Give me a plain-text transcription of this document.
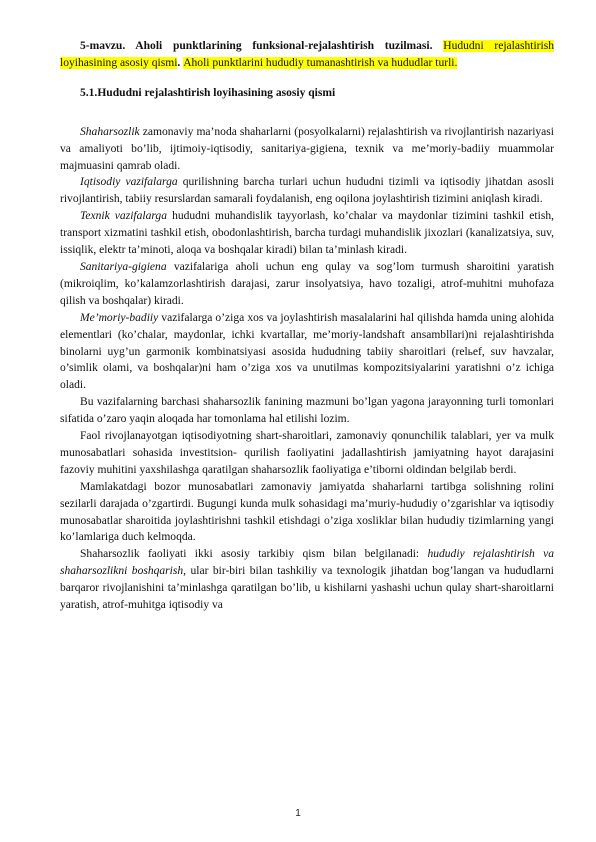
5-mavzu. Aholi punktlarining funksional-rejalashtirish tuzilmasi. Hududni rejalashtirish loyihasining asosiy qismi. Aholi punktlarini hududiy tumanashtirish va hududlar turli.

5.1.Hududni rejalashtirish loyihasining asosiy qismi

Shaharsozlik zamonaviy ma’noda shaharlarni (posyolkalarni) rejalashtirish va rivojlantirish nazariyasi va amaliyoti bo’lib, ijtimoiy-iqtisodiy, sanitariya-gigiena, texnik va me’moriy-badiiy muammolar majmuasini qamrab oladi.

Iqtisodiy vazifalarga qurilishning barcha turlari uchun hududni tizimli va iqtisodiy jihatdan asosli rivojlantirish, tabiiy resurslardan samarali foydalanish, eng oqilona joylashtirish tizimini aniqlash kiradi.

Texnik vazifalarga hududni muhandislik tayyorlash, ko’chalar va maydonlar tizimini tashkil etish, transport xizmatini tashkil etish, obodonlashtirish, barcha turdagi muhandislik jixozlari (kanalizatsiya, suv, issiqlik, elektr ta’minoti, aloqa va boshqalar kiradi) bilan ta’minlash kiradi.

Sanitariya-gigiena vazifalariga aholi uchun eng qulay va sog’lom turmush sharoitini yaratish (mikroiqlim, ko’kalamzorlashtirish darajasi, zarur insolyatsiya, havo tozaligi, atrof-muhitni muhofaza qilish va boshqalar) kiradi.

Me’moriy-badiiy vazifalarga o’ziga xos va joylashtirish masalalarini hal qilishda hamda uning alohida elementlari (ko’chalar, maydonlar, ichki kvartallar, me’moriy-landshaft ansambllari)ni rejalashtirishda binolarni uyg’un garmonik kombinatsiyasi asosida hududning tabiiy sharoitlari (relьef, suv havzalar, o’simlik olami, va boshqalar)ni ham o’ziga xos va unutilmas kompozitsiyalarini yaratishni o’z ichiga oladi.

Bu vazifalarning barchasi shaharsozlik fanining mazmuni bo’lgan yagona jarayonning turli tomonlari sifatida o’zaro yaqin aloqada har tomonlama hal etilishi lozim.

Faol rivojlanayotgan iqtisodiyotning shart-sharoitlari, zamonaviy qonunchilik talablari, yer va mulk munosabatlari sohasida investitsion- qurilish faoliyatini jadallashtirish jamiyatning hayot darajasini fazoviy muhitini yaxshilashga qaratilgan shaharsozlik faoliyatiga e’tiborni oldindan belgilab berdi.

Mamlakatdagi bozor munosabatlari zamonaviy jamiyatda shaharlarni tartibga solishning rolini sezilarli darajada o’zgartirdi. Bugungi kunda mulk sohasidagi ma’muriy-hududiy o’zgarishlar va iqtisodiy munosabatlar sharoitida joylashtirishni tashkil etishdagi o’ziga xosliklar bilan hududiy tizimlarning yangi ko’lamlariga duch kelmoqda.

Shaharsozlik faoliyati ikki asosiy tarkibiy qism bilan belgilanadi: hududiy rejalashtirish va shaharsozlikni boshqarish, ular bir-biri bilan tashkiliy va texnologik jihatdan bog’langan va hududlarni barqaror rivojlanishini ta’minlashga qaratilgan bo’lib, u kishilarni yashashi uchun qulay shart-sharoitlarni yaratish, atrof-muhitga iqtisodiy va

1
